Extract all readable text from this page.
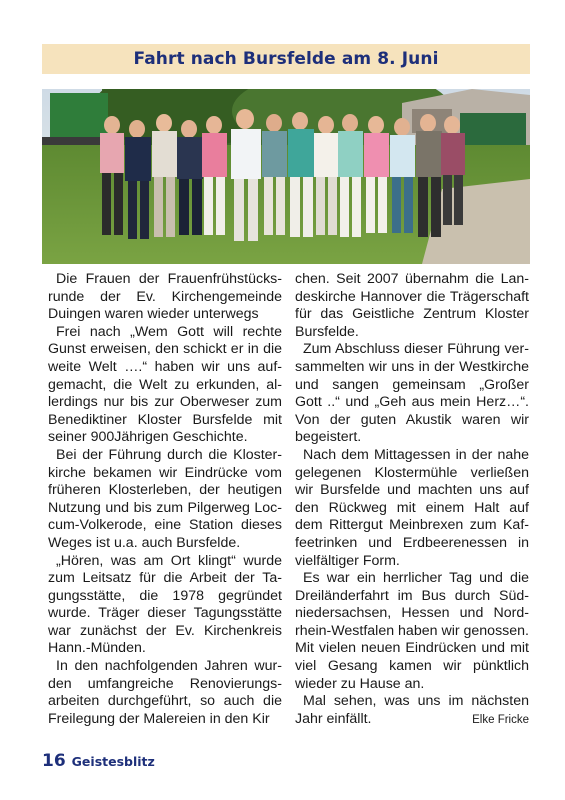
Fahrt nach Bursfelde am 8. Juni

Die Frauen der Frauenfrühstücksrunde der Ev. Kirchengemeinde Duingen waren wieder unterwegs

Frei nach „Wem Gott will rechte Gunst erweisen, den schickt er in die weite Welt ….“ haben wir uns aufgemacht, die Welt zu erkunden, allerdings nur bis zur Oberweser zum Benediktiner Kloster Bursfelde mit seiner 900Jährigen Geschichte.

Bei der Führung durch die Klosterkirche bekamen wir Eindrücke vom früheren Klosterleben, der heutigen Nutzung und bis zum Pilgerweg Loccum-Volkerode, eine Station dieses Weges ist u.a. auch Bursfelde.

„Hören, was am Ort klingt“ wurde zum Leitsatz für die Arbeit der Tagungsstätte, die 1978 gegründet wurde. Träger dieser Tagungsstätte war zunächst der Ev. Kirchenkreis Hann.-Münden.

In den nachfolgenden Jahren wurden umfangreiche Renovierungsarbeiten durchgeführt, so auch die Freilegung der Malereien in den Kir

chen. Seit 2007 übernahm die Landeskirche Hannover die Trägerschaft für das Geistliche Zentrum Kloster Bursfelde.

Zum Abschluss dieser Führung versammelten wir uns in der Westkirche und sangen gemeinsam „Großer Gott ..“ und „Geh aus mein Herz…“. Von der guten Akustik waren wir begeistert.

Nach dem Mittagessen in der nahe gelegenen Klostermühle verließen wir Bursfelde und machten uns auf den Rückweg mit einem Halt auf dem Rittergut Meinbrexen zum Kaffeetrinken und Erdbeerenessen in vielfältiger Form.

Es war ein herrlicher Tag und die Dreiländerfahrt im Bus durch Südniedersachsen, Hessen und Nordrhein-Westfalen haben wir genossen. Mit vielen neuen Eindrücken und mit viel Gesang kamen wir pünktlich wieder zu Hause an.

Mal sehen, was uns im nächsten Jahr einfällt.	Elke Fricke

16 Geistesblitz
